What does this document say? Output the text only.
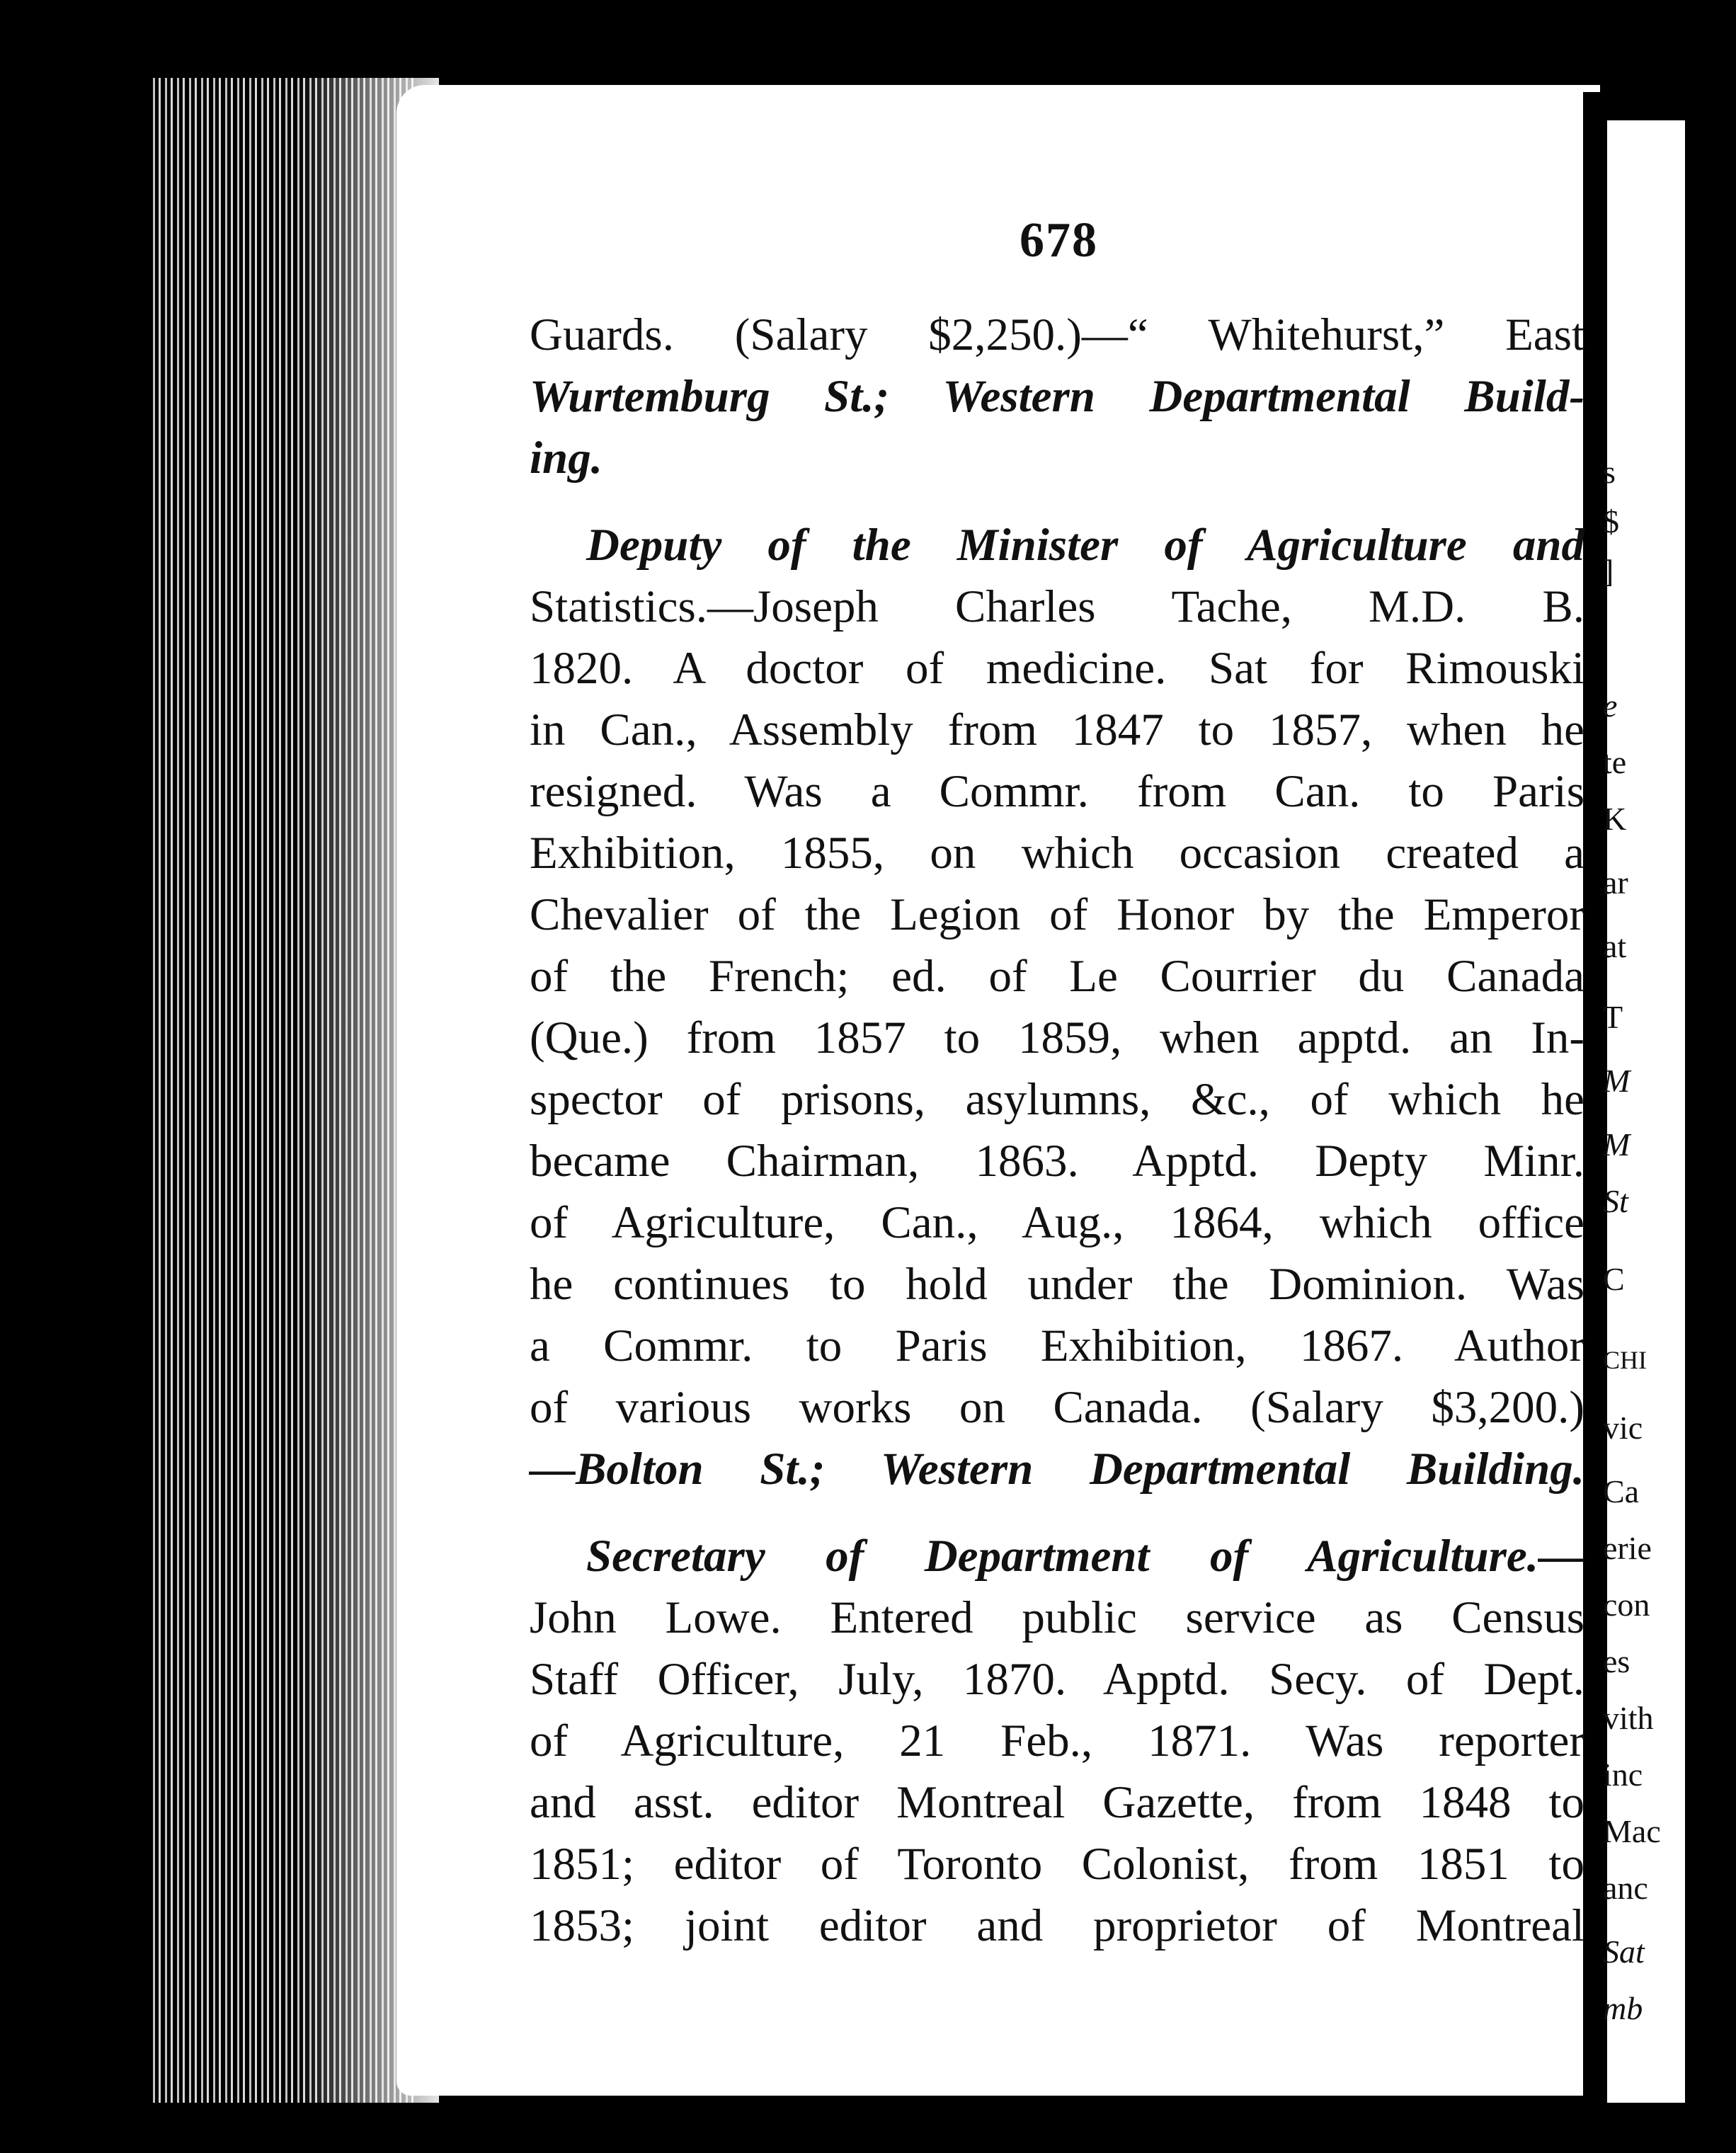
s
$
]
e
te
K
ar
at
T
M
M
St
C
CHI
vic
Ca
erie
con
es
vith
inc
Mac
anc
Sat
mb
678
Guards. (Salary $2,250.)—“ Whitehurst,” East
Wurtemburg St.; Western Departmental Build-
ing.
Deputy of the Minister of Agriculture and
Statistics.—Joseph Charles Tache, M.D. B.
1820. A doctor of medicine. Sat for Rimouski
in Can., Assembly from 1847 to 1857, when he
resigned. Was a Commr. from Can. to Paris
Exhibition, 1855, on which occasion created a
Chevalier of the Legion of Honor by the Emperor
of the French; ed. of Le Courrier du Canada
(Que.) from 1857 to 1859, when apptd. an In-
spector of prisons, asylumns, &c., of which he
became Chairman, 1863. Apptd. Depty Minr.
of Agriculture, Can., Aug., 1864, which office
he continues to hold under the Dominion. Was
a Commr. to Paris Exhibition, 1867. Author
of various works on Canada. (Salary $3,200.)
—Bolton St.; Western Departmental Building.
Secretary of Department of Agriculture.—
John Lowe. Entered public service as Census
Staff Officer, July, 1870. Apptd. Secy. of Dept.
of Agriculture, 21 Feb., 1871. Was reporter
and asst. editor Montreal Gazette, from 1848 to
1851; editor of Toronto Colonist, from 1851 to
1853; joint editor and proprietor of Montreal
